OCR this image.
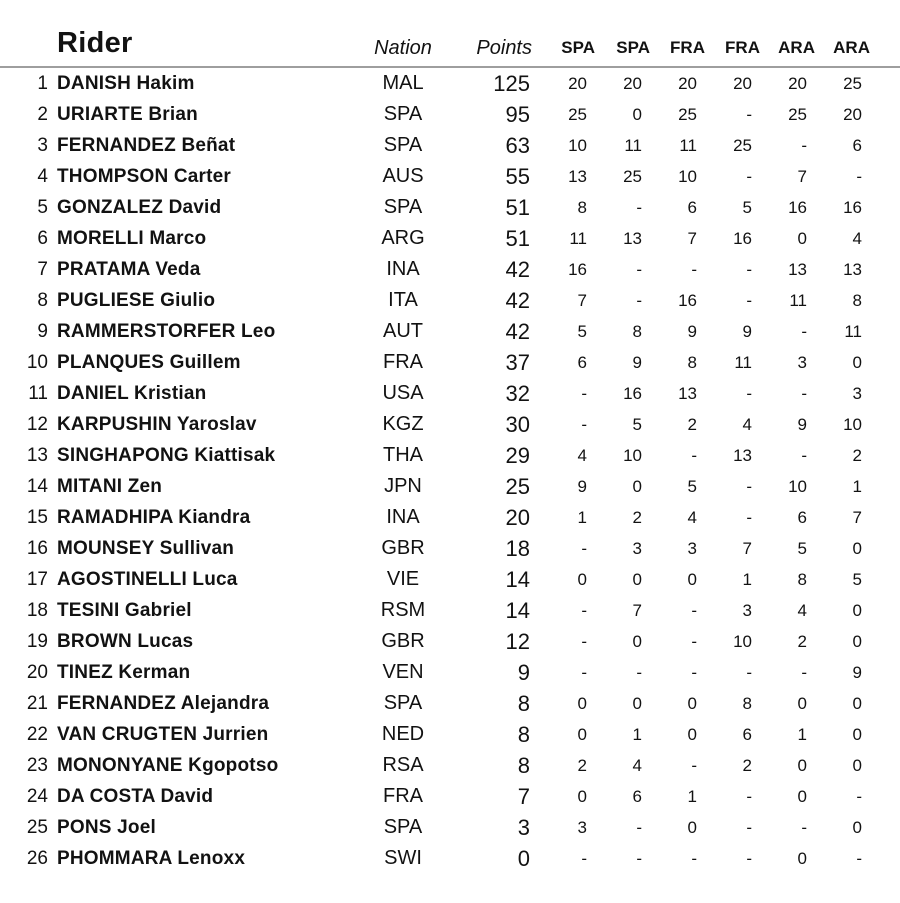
Rider	Nation	Points	SPA	SPA	FRA	FRA	ARA	ARA
1 DANISH Hakim	MAL	125	20	20	20	20	20	25
2 URIARTE Brian	SPA	95	25	0	25	-	25	20
3 FERNANDEZ Beñat	SPA	63	10	11	11	25	-	6
4 THOMPSON Carter	AUS	55	13	25	10	-	7	-
5 GONZALEZ David	SPA	51	8	-	6	5	16	16
6 MORELLI Marco	ARG	51	11	13	7	16	0	4
7 PRATAMA Veda	INA	42	16	-	-	-	13	13
8 PUGLIESE Giulio	ITA	42	7	-	16	-	11	8
9 RAMMERSTORFER Leo	AUT	42	5	8	9	9	-	11
10 PLANQUES Guillem	FRA	37	6	9	8	11	3	0
11 DANIEL Kristian	USA	32	-	16	13	-	-	3
12 KARPUSHIN Yaroslav	KGZ	30	-	5	2	4	9	10
13 SINGHAPONG Kiattisak	THA	29	4	10	-	13	-	2
14 MITANI Zen	JPN	25	9	0	5	-	10	1
15 RAMADHIPA Kiandra	INA	20	1	2	4	-	6	7
16 MOUNSEY Sullivan	GBR	18	-	3	3	7	5	0
17 AGOSTINELLI Luca	VIE	14	0	0	0	1	8	5
18 TESINI Gabriel	RSM	14	-	7	-	3	4	0
19 BROWN Lucas	GBR	12	-	0	-	10	2	0
20 TINEZ Kerman	VEN	9	-	-	-	-	-	9
21 FERNANDEZ Alejandra	SPA	8	0	0	0	8	0	0
22 VAN CRUGTEN Jurrien	NED	8	0	1	0	6	1	0
23 MONONYANE Kgopotso	RSA	8	2	4	-	2	0	0
24 DA COSTA David	FRA	7	0	6	1	-	0	-
25 PONS Joel	SPA	3	3	-	0	-	-	0
26 PHOMMARA Lenoxx	SWI	0	-	-	-	-	0	-
